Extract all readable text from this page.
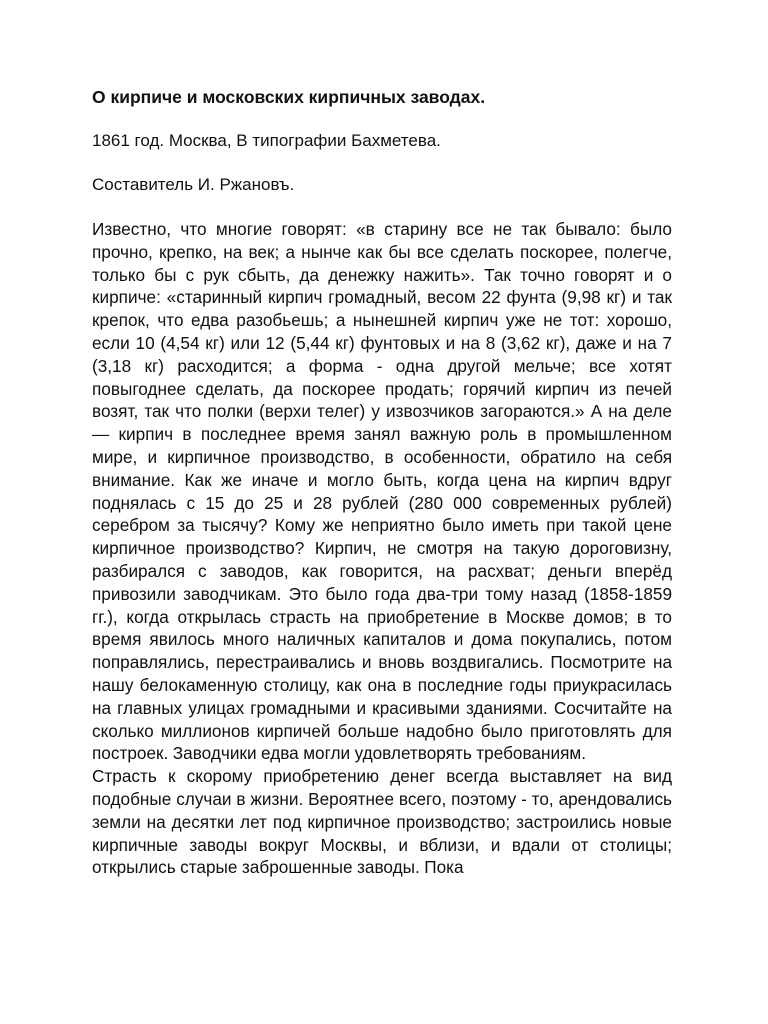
О кирпиче и московских кирпичных заводах.

1861 год. Москва, В типографии Бахметева.

Составитель И. Ржановъ.

Известно, что многие говорят: «в старину все не так бывало: было прочно, крепко, на век; а нынче как бы все сделать поскорее, полегче, только бы с рук сбыть, да денежку нажить». Так точно говорят и о кирпиче: «старинный кирпич громадный, весом 22 фунта (9,98 кг) и так крепок, что едва разобьешь; а нынешней кирпич уже не тот: хорошо, если 10 (4,54 кг) или 12 (5,44 кг) фунтовых и на 8 (3,62 кг), даже и на 7 (3,18 кг) расходится; а форма - одна другой мельче; все хотят повыгоднее сделать, да поскорее продать; горячий кирпич из печей возят, так что полки (верхи телег) у извозчиков загораются.» А на деле — кирпич в последнее время занял важную роль в промышленном мире, и кирпичное производство, в особенности, обратило на себя внимание. Как же иначе и могло быть, когда цена на кирпич вдруг поднялась с 15 до 25 и 28 рублей (280 000 современных рублей) серебром за тысячу? Кому же неприятно было иметь при такой цене кирпичное производство? Кирпич, не смотря на такую дороговизну, разбирался с заводов, как говорится, на расхват; деньги вперёд привозили заводчикам. Это было года два-три тому назад (1858-1859 гг.), когда открылась страсть на приобретение в Москве домов; в то время явилось много наличных капиталов и дома покупались, потом поправлялись, перестраивались и вновь воздвигались. Посмотрите на нашу белокаменную столицу, как она в последние годы приукрасилась на главных улицах громадными и красивыми зданиями. Сосчитайте на сколько миллионов кирпичей больше надобно было приготовлять для построек. Заводчики едва могли удовлетворять требованиям.

Страсть к скорому приобретению денег всегда выставляет на вид подобные случаи в жизни. Вероятнее всего, поэтому - то, арендовались земли на десятки лет под кирпичное производство; застроились новые кирпичные заводы вокруг Москвы, и вблизи, и вдали от столицы; открылись старые заброшенные заводы. Пока
